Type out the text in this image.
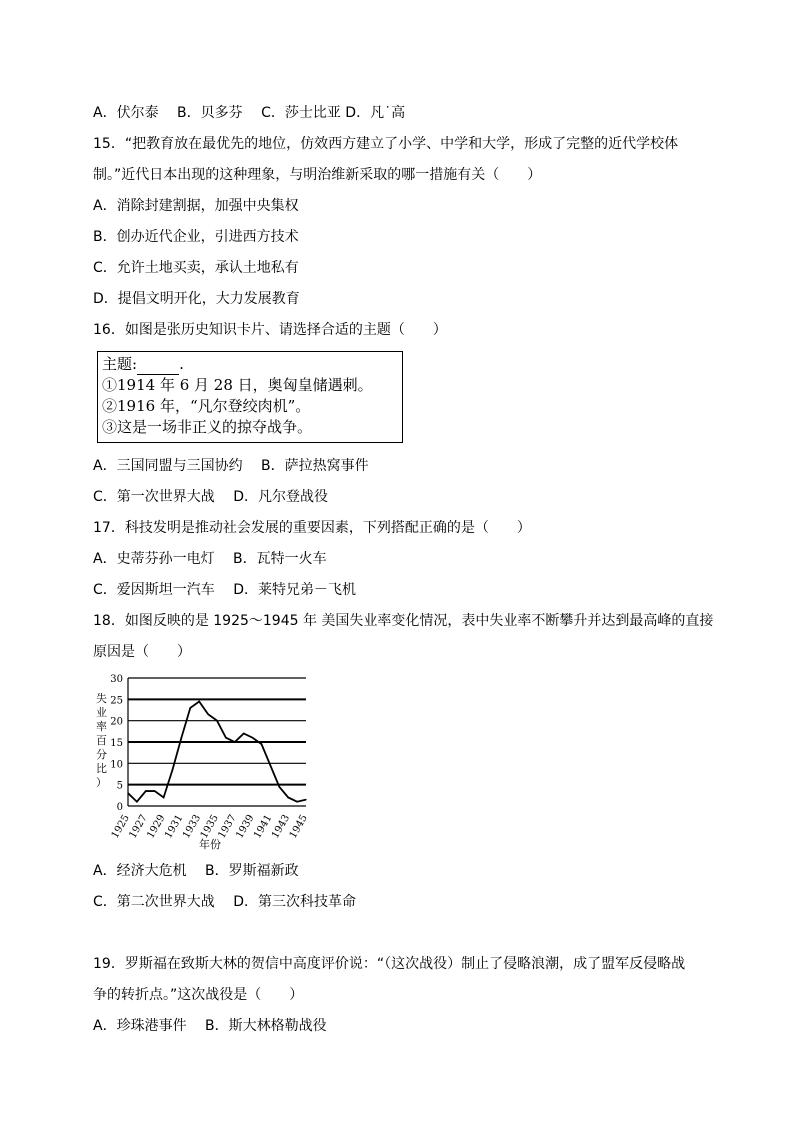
A．伏尔泰　 B．贝多芬　 C．莎士比亚 D．凡˙高
15．“把教育放在最优先的地位，仿效西方建立了小学、中学和大学，形成了完整的近代学校体
制。”近代日本出现的这种理象，与明治维新采取的哪一措施有关（　　）
A．消除封建割据，加强中央集权
B．创办近代企业，引进西方技术
C．允许土地买卖，承认土地私有
D．提倡文明开化，大力发展教育
16．如图是张历史知识卡片、请选择合适的主题（　　）
主题:	.
①1914 年 6 月 28 日，奥匈皇储遇刺。
②1916 年，“凡尔登绞肉机”。
③这是一场非正义的掠夺战争。
A．三国同盟与三国协约　 B．萨拉热窝事件
C．第一次世界大战　 D．凡尔登战役
17．科技发明是推动社会发展的重要因素，下列搭配正确的是（　　）
A．史蒂芬孙一电灯　 B．瓦特一火车
C．爱因斯坦一汽车　 D．莱特兄弟－飞机
18．如图反映的是 1925～1945 年 美国失业率变化情况，表中失业率不断攀升并达到最高峰的直接
原因是（　　）
0
5
10
15
20
25
30
失
业
率
百
分
比
）
1925
1927
1929
1931
1933
1935
1937
1939
1941
1943
1945
年份
A．经济大危机　 B．罗斯福新政
C．第二次世界大战　 D．第三次科技革命
19．罗斯福在致斯大林的贺信中高度评价说：“（这次战役）制止了侵略浪潮，成了盟军反侵略战
争的转折点。”这次战役是（　　）
A．珍珠港事件　 B．斯大林格勒战役
